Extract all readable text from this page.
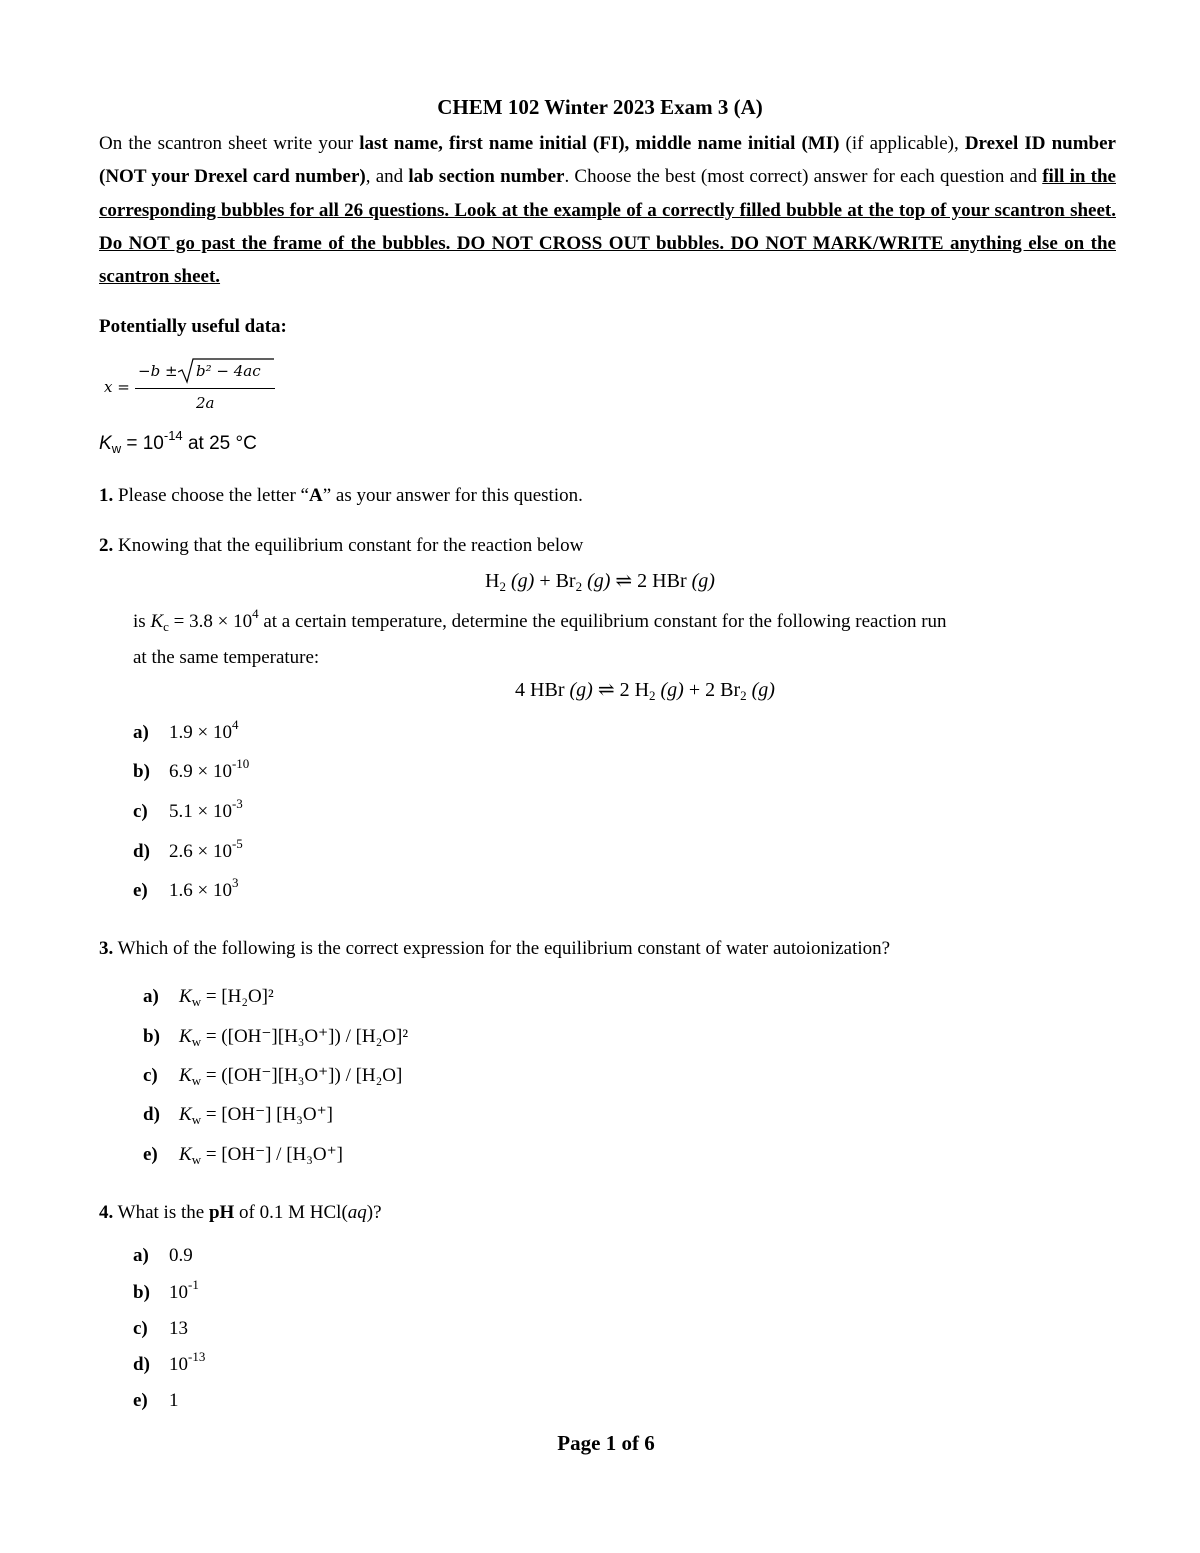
CHEM 102 Winter 2023 Exam 3 (A)
On the scantron sheet write your last name, first name initial (FI), middle name initial (MI) (if applicable), Drexel ID number (NOT your Drexel card number), and lab section number. Choose the best (most correct) answer for each question and fill in the corresponding bubbles for all 26 questions. Look at the example of a correctly filled bubble at the top of your scantron sheet. Do NOT go past the frame of the bubbles. DO NOT CROSS OUT bubbles. DO NOT MARK/WRITE anything else on the scantron sheet.
Potentially useful data:
x =
−b ± b² − 4ac
2a
$K_w = 10^{-14}$ at 25 °C
1. Please choose the letter “A” as your answer for this question.
2. Knowing that the equilibrium constant for the reaction below
$H_2$ $(g) + Br_2$ (g) ⇌ 2 HBr (g)
is $K_c = 3.8 \times 10^4$ at a certain temperature, determine the equilibrium constant for the following reaction run
at the same temperature:
4 HBr (g) ⇌ 2 $H_2$ (g) + 2 $Br_2$ (g)
a) $1.9 \times 10^4$
b) $6.9 \times 10^{-10}$
c) $5.1 \times 10^{-3}$
d) $2.6 \times 10^{-5}$
e) $1.6 \times 10^3$
3. Which of the following is the correct expression for the equilibrium constant of water autoionization?
a) $K_w = [H_2O]^2$
b) $K_w = ([OH^-][H_3O^+]) / [H_2O]^2$
c) $K_w = ([OH^-][H_3O^+]) / [H_2O]$
d) $K_w = [OH^-]$ [H₃O⁺]
e) $K_w = [OH^-] / [H_3O^+]$
4. What is the pH of 0.1 M HCl(aq)?
a) 0.9
b) $10^{-1}$
c) 13
d) $10^{-13}$
e) 1
Page 1 of 6
